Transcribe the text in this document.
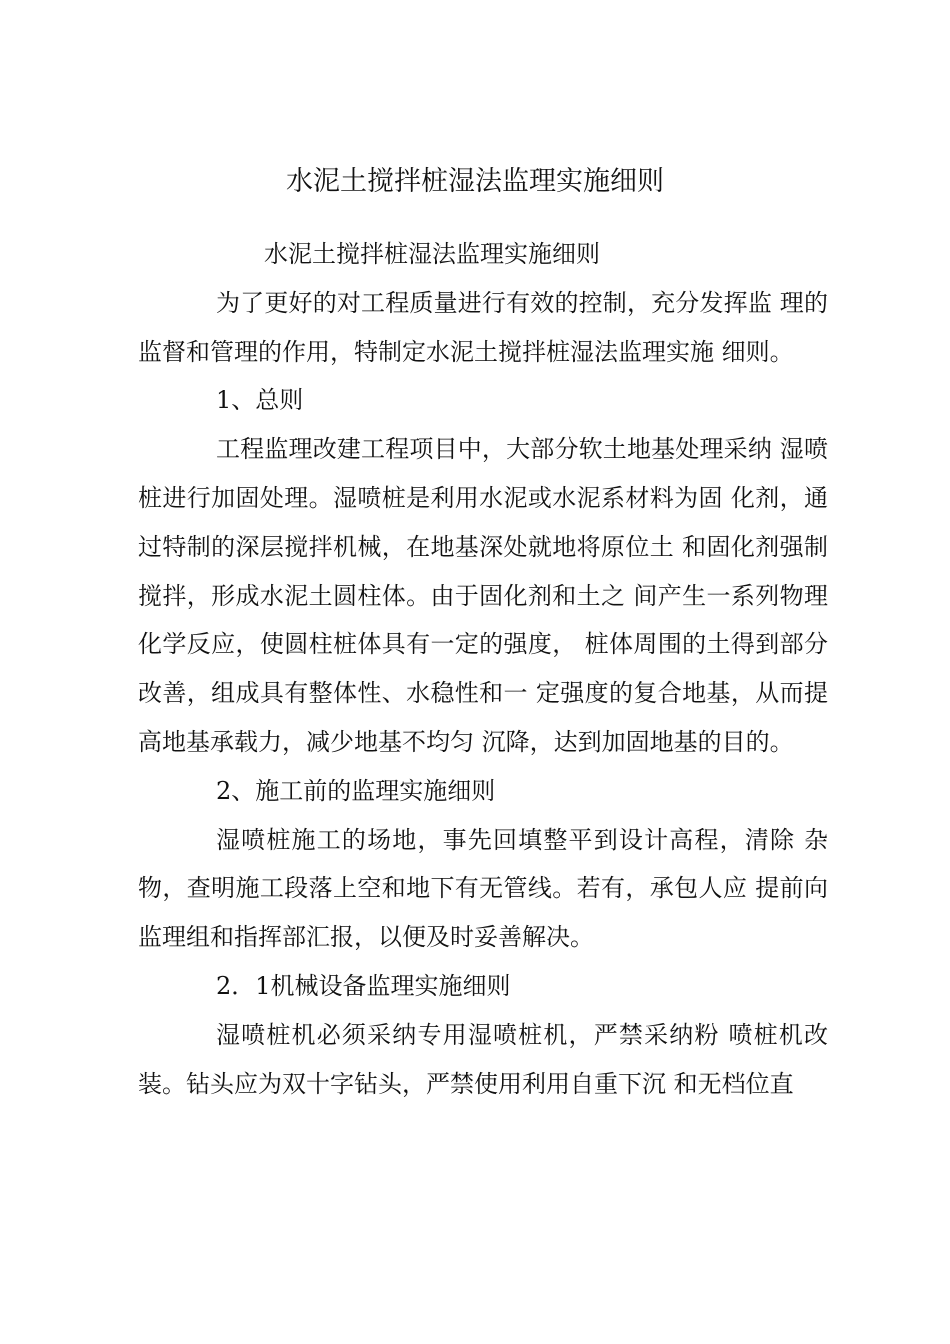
水泥土搅拌桩湿法监理实施细则

水泥土搅拌桩湿法监理实施细则

为了更好的对工程质量进行有效的控制，充分发挥监 理的监督和管理的作用，特制定水泥土搅拌桩湿法监理实施 细则。

1、总则

工程监理改建工程项目中，大部分软土地基处理采纳 湿喷桩进行加固处理。湿喷桩是利用水泥或水泥系材料为固 化剂，通过特制的深层搅拌机械，在地基深处就地将原位土 和固化剂强制搅拌，形成水泥土圆柱体。由于固化剂和土之 间产生一系列物理化学反应，使圆柱桩体具有一定的强度， 桩体周围的土得到部分改善，组成具有整体性、水稳性和一 定强度的复合地基，从而提高地基承载力，减少地基不均匀 沉降，达到加固地基的目的。

2、施工前的监理实施细则

湿喷桩施工的场地，事先回填整平到设计高程，清除 杂物，查明施工段落上空和地下有无管线。若有，承包人应 提前向监理组和指挥部汇报，以便及时妥善解决。

2．1机械设备监理实施细则

湿喷桩机必须采纳专用湿喷桩机，严禁采纳粉 喷桩机改装。钻头应为双十字钻头，严禁使用利用自重下沉 和无档位直
